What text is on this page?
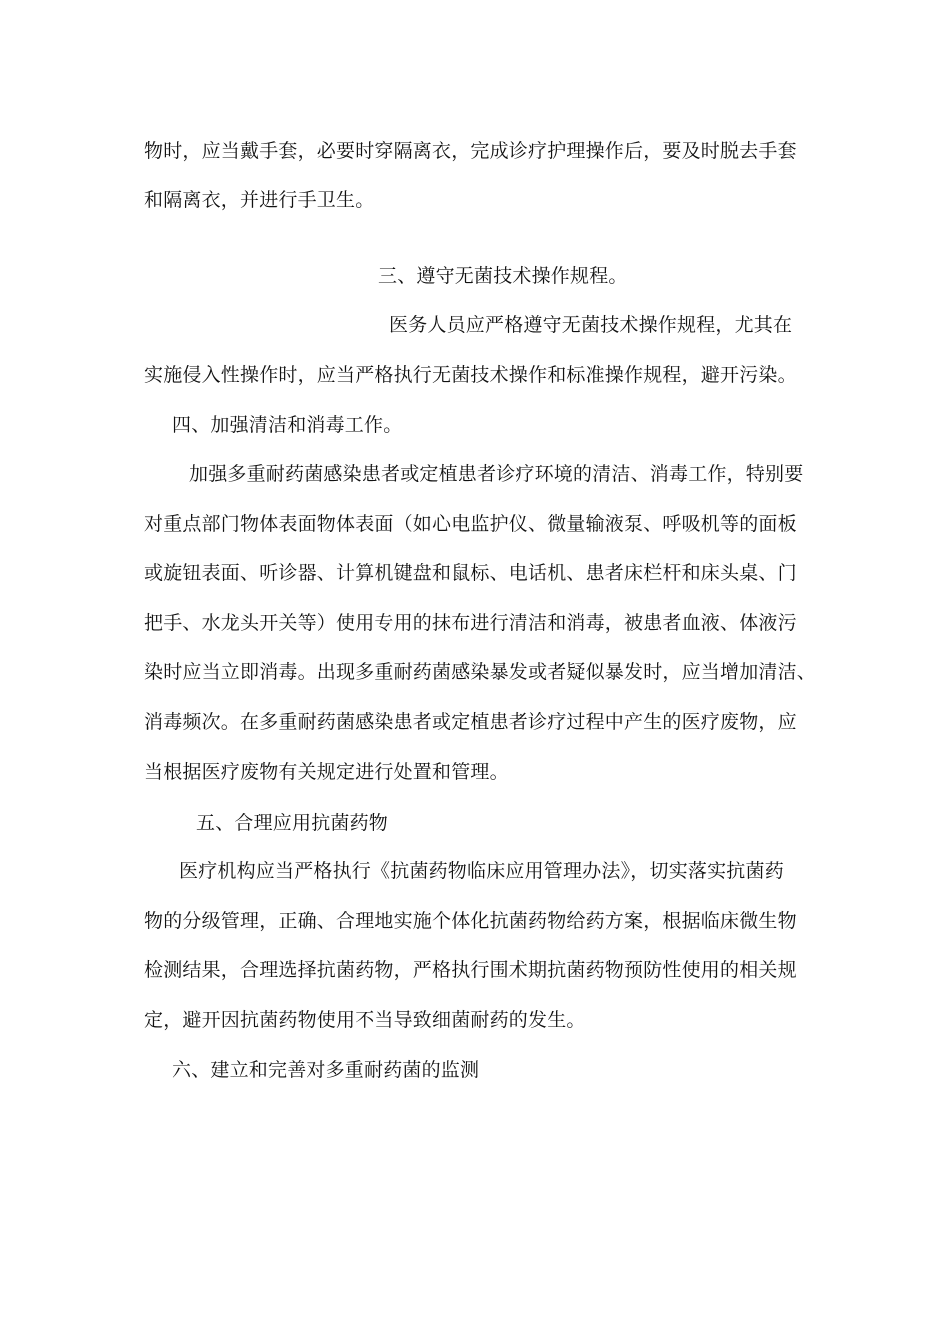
物时，应当戴手套，必要时穿隔离衣，完成诊疗护理操作后，要及时脱去手套
和隔离衣，并进行手卫生。
三、遵守无菌技术操作规程。
医务人员应严格遵守无菌技术操作规程，尤其在
实施侵入性操作时，应当严格执行无菌技术操作和标准操作规程，避开污染。
四、加强清洁和消毒工作。
加强多重耐药菌感染患者或定植患者诊疗环境的清洁、消毒工作，特别要
对重点部门物体表面物体表面（如心电监护仪、微量输液泵、呼吸机等的面板
或旋钮表面、听诊器、计算机键盘和鼠标、电话机、患者床栏杆和床头桌、门
把手、水龙头开关等）使用专用的抹布进行清洁和消毒，被患者血液、体液污
染时应当立即消毒。出现多重耐药菌感染暴发或者疑似暴发时，应当增加清洁、
消毒频次。在多重耐药菌感染患者或定植患者诊疗过程中产生的医疗废物，应
当根据医疗废物有关规定进行处置和管理。
五、合理应用抗菌药物
医疗机构应当严格执行《抗菌药物临床应用管理办法》，切实落实抗菌药
物的分级管理，正确、合理地实施个体化抗菌药物给药方案，根据临床微生物
检测结果，合理选择抗菌药物，严格执行围术期抗菌药物预防性使用的相关规
定，避开因抗菌药物使用不当导致细菌耐药的发生。
六、建立和完善对多重耐药菌的监测
